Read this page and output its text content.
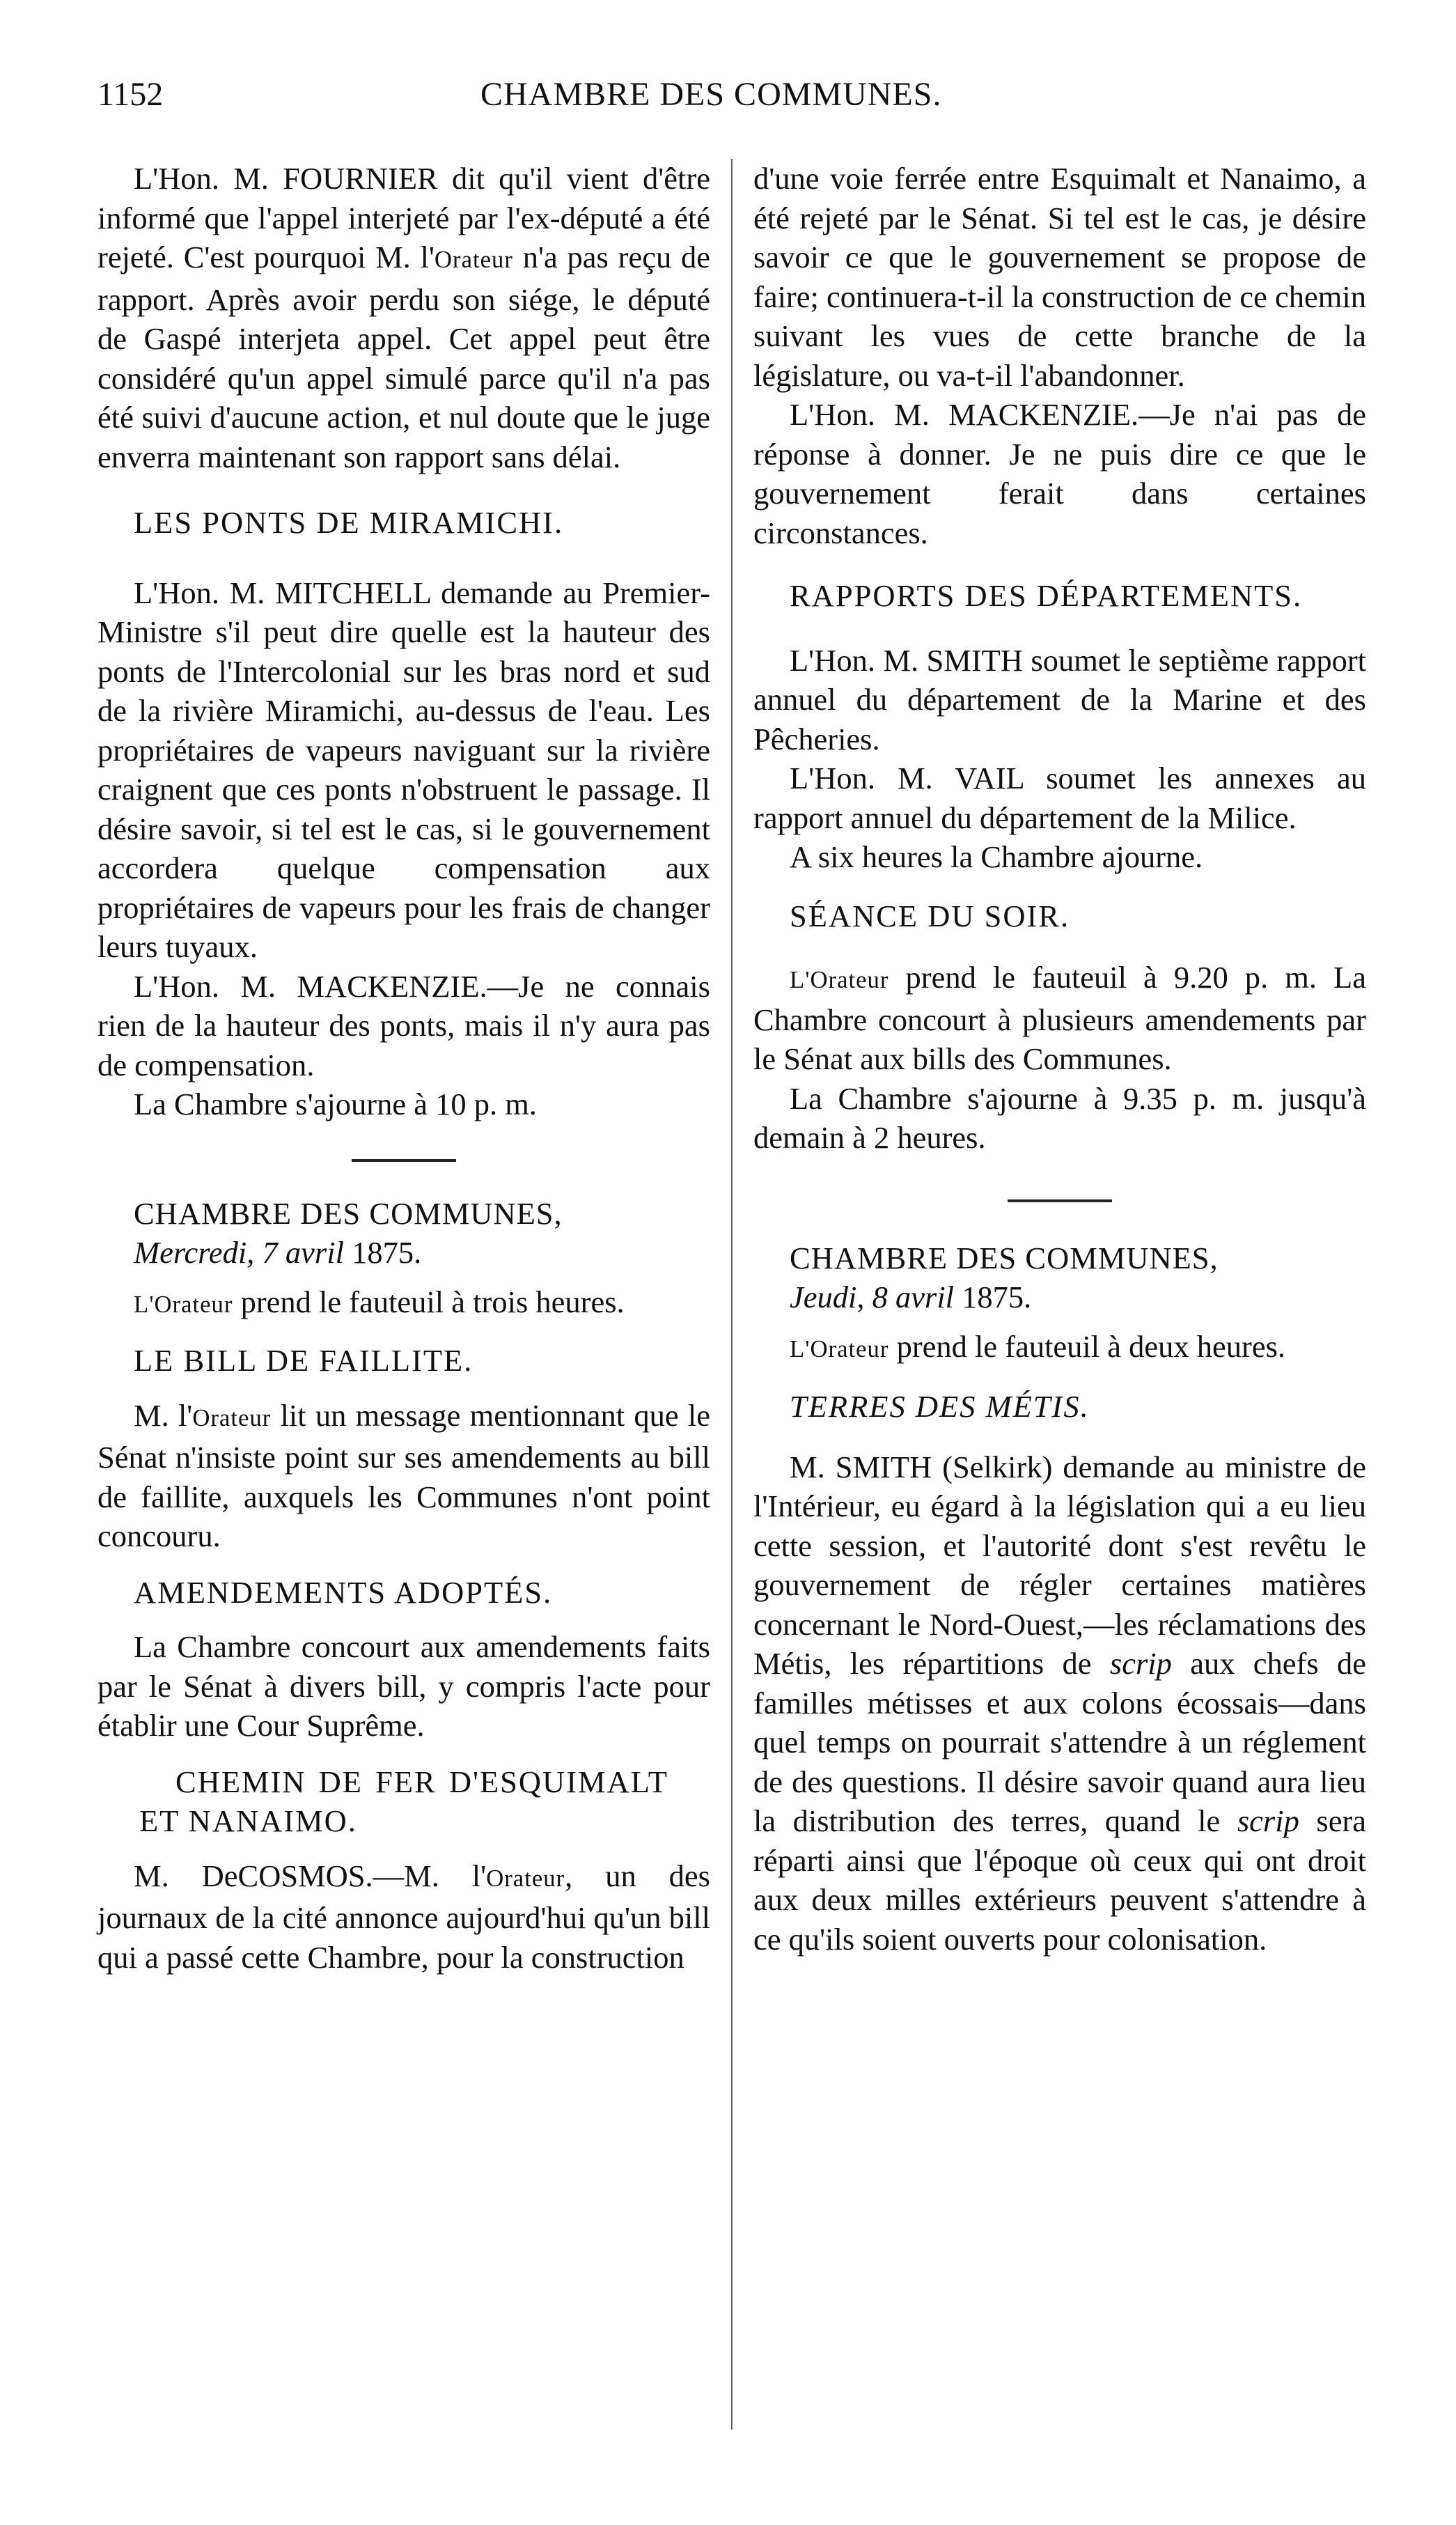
1152	CHAMBRE DES COMMUNES.

L'Hon. M. FOURNIER dit qu'il vient d'être informé que l'appel interjeté par l'ex-député a été rejeté. C'est pourquoi M. l'Orateur n'a pas reçu de rapport. Après avoir perdu son siége, le député de Gaspé interjeta appel. Cet appel peut être considéré qu'un appel simulé parce qu'il n'a pas été suivi d'aucune action, et nul doute que le juge enverra maintenant son rapport sans délai.

LES PONTS DE MIRAMICHI.

L'Hon. M. MITCHELL demande au Premier-Ministre s'il peut dire quelle est la hauteur des ponts de l'Intercolonial sur les bras nord et sud de la rivière Miramichi, au-dessus de l'eau. Les propriétaires de vapeurs naviguant sur la rivière craignent que ces ponts n'obstruent le passage. Il désire savoir, si tel est le cas, si le gouvernement accordera quelque compensation aux propriétaires de vapeurs pour les frais de changer leurs tuyaux.

L'Hon. M. MACKENZIE.—Je ne connais rien de la hauteur des ponts, mais il n'y aura pas de compensation.

La Chambre s'ajourne à 10 p. m.

CHAMBRE DES COMMUNES,

Mercredi, 7 avril 1875.

L'Orateur prend le fauteuil à trois heures.

LE BILL DE FAILLITE.

M. l'Orateur lit un message mentionnant que le Sénat n'insiste point sur ses amendements au bill de faillite, auxquels les Communes n'ont point concouru.

AMENDEMENTS ADOPTÉS.

La Chambre concourt aux amendements faits par le Sénat à divers bill, y compris l'acte pour établir une Cour Suprême.

CHEMIN DE FER D'ESQUIMALT ET NANAIMO.

M. DeCOSMOS.—M. l'Orateur, un des journaux de la cité annonce aujourd'hui qu'un bill qui a passé cette Chambre, pour la construction

d'une voie ferrée entre Esquimalt et Nanaimo, a été rejeté par le Sénat. Si tel est le cas, je désire savoir ce que le gouvernement se propose de faire; continuera-t-il la construction de ce chemin suivant les vues de cette branche de la législature, ou va-t-il l'abandonner.

L'Hon. M. MACKENZIE.—Je n'ai pas de réponse à donner. Je ne puis dire ce que le gouvernement ferait dans certaines circonstances.

RAPPORTS DES DÉPARTEMENTS.

L'Hon. M. SMITH soumet le septième rapport annuel du département de la Marine et des Pêcheries.

L'Hon. M. VAIL soumet les annexes au rapport annuel du département de la Milice.

A six heures la Chambre ajourne.

SÉANCE DU SOIR.

L'Orateur prend le fauteuil à 9.20 p. m. La Chambre concourt à plusieurs amendements par le Sénat aux bills des Communes.

La Chambre s'ajourne à 9.35 p. m. jusqu'à demain à 2 heures.

CHAMBRE DES COMMUNES,

Jeudi, 8 avril 1875.

L'Orateur prend le fauteuil à deux heures.

TERRES DES MÉTIS.

M. SMITH (Selkirk) demande au ministre de l'Intérieur, eu égard à la législation qui a eu lieu cette session, et l'autorité dont s'est revêtu le gouvernement de régler certaines matières concernant le Nord-Ouest,—les réclamations des Métis, les répartitions de scrip aux chefs de familles métisses et aux colons écossais—dans quel temps on pourrait s'attendre à un réglement de des questions. Il désire savoir quand aura lieu la distribution des terres, quand le scrip sera réparti ainsi que l'époque où ceux qui ont droit aux deux milles extérieurs peuvent s'attendre à ce qu'ils soient ouverts pour colonisation.
